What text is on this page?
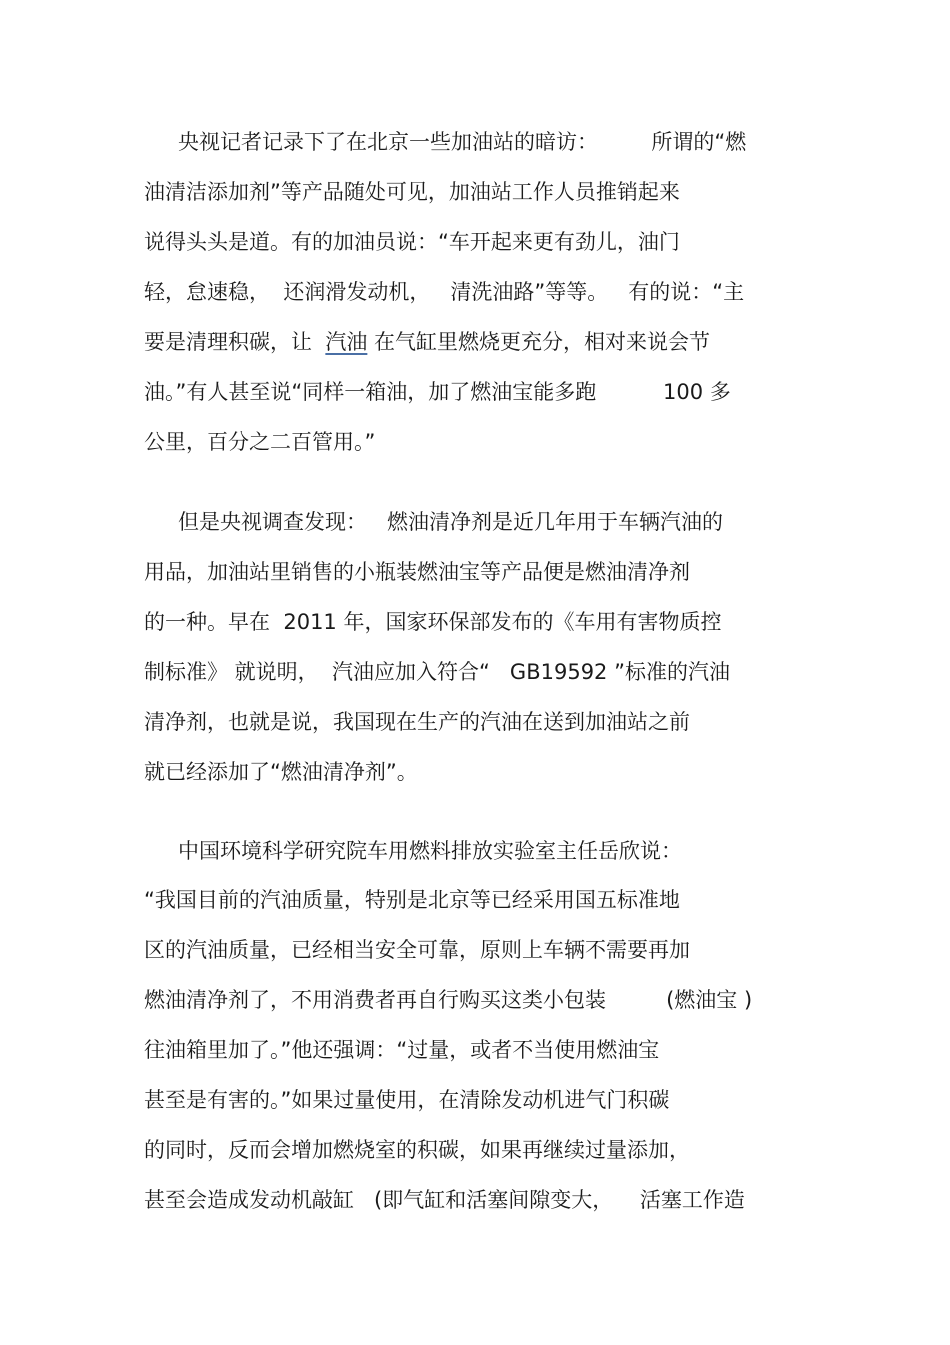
央视记者记录下了在北京一些加油站的暗访：        所谓的“燃
油清洁添加剂”等产品随处可见，加油站工作人员推销起来
说得头头是道。有的加油员说：“车开起来更有劲儿，油门
轻，怠速稳，  还润滑发动机，   清洗油路”等等。   有的说：“主
要是清理积碳，让  汽油 在气缸里燃烧更充分，相对来说会节
油。”有人甚至说“同样一箱油，加了燃油宝能多跑          100 多
公里，百分之二百管用。”
但是央视调查发现：   燃油清净剂是近几年用于车辆汽油的
用品，加油站里销售的小瓶装燃油宝等产品便是燃油清净剂
的一种。早在  2011 年，国家环保部发布的《车用有害物质控
制标准》 就说明，  汽油应加入符合“   GB19592 ”标准的汽油
清净剂，也就是说，我国现在生产的汽油在送到加油站之前
就已经添加了“燃油清净剂”。
中国环境科学研究院车用燃料排放实验室主任岳欣说：
“我国目前的汽油质量，特别是北京等已经采用国五标准地
区的汽油质量，已经相当安全可靠，原则上车辆不需要再加
燃油清净剂了，不用消费者再自行购买这类小包装         (燃油宝 )
往油箱里加了。”他还强调：“过量，或者不当使用燃油宝
甚至是有害的。”如果过量使用，在清除发动机进气门积碳
的同时，反而会增加燃烧室的积碳，如果再继续过量添加，
甚至会造成发动机敲缸   (即气缸和活塞间隙变大，    活塞工作造
